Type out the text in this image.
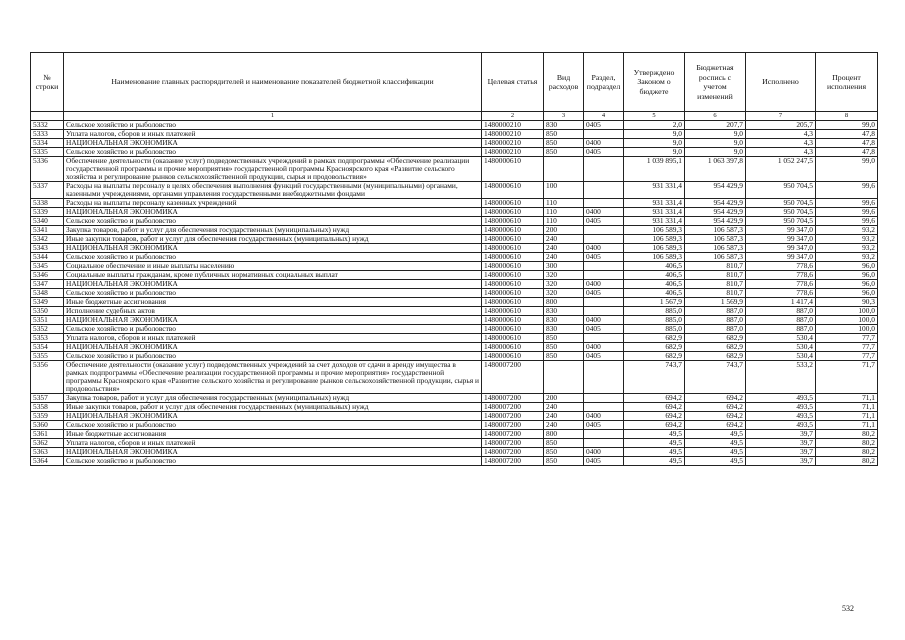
№ строки	Наименование главных распорядителей и наименование показателей бюджетной классификации	Целевая статья	Вид расходов	Раздел, подраздел	Утверждено Законом о бюджете	Бюджетная роспись с учетом изменений	Исполнено	Процент исполнения
	1	2	3	4	5	6	7	8
5332	Сельское хозяйство и рыболовство	1480000210	830	0405	2,0	207,7	205,7	99,0
5333	Уплата налогов, сборов и иных платежей	1480000210	850		9,0	9,0	4,3	47,8
5334	НАЦИОНАЛЬНАЯ ЭКОНОМИКА	1480000210	850	0400	9,0	9,0	4,3	47,8
5335	Сельское хозяйство и рыболовство	1480000210	850	0405	9,0	9,0	4,3	47,8
5336	Обеспечение деятельности (оказание услуг) подведомственных учреждений в рамках подпрограммы «Обеспечение реализации государственной программы и прочие мероприятия» государственной программы Красноярского края «Развитие сельского хозяйства и регулирование рынков сельскохозяйственной продукции, сырья и продовольствия»	1480000610			1 039 895,1	1 063 397,8	1 052 247,5	99,0
5337	Расходы на выплаты персоналу в целях обеспечения выполнения функций государственными (муниципальными) органами, казенными учреждениями, органами управления государственными внебюджетными фондами	1480000610	100		931 331,4	954 429,9	950 704,5	99,6
5338	Расходы на выплаты персоналу казенных учреждений	1480000610	110		931 331,4	954 429,9	950 704,5	99,6
5339	НАЦИОНАЛЬНАЯ ЭКОНОМИКА	1480000610	110	0400	931 331,4	954 429,9	950 704,5	99,6
5340	Сельское хозяйство и рыболовство	1480000610	110	0405	931 331,4	954 429,9	950 704,5	99,6
5341	Закупка товаров, работ и услуг для обеспечения государственных (муниципальных) нужд	1480000610	200		106 589,3	106 587,3	99 347,0	93,2
5342	Иные закупки товаров, работ и услуг для обеспечения государственных (муниципальных) нужд	1480000610	240		106 589,3	106 587,3	99 347,0	93,2
5343	НАЦИОНАЛЬНАЯ ЭКОНОМИКА	1480000610	240	0400	106 589,3	106 587,3	99 347,0	93,2
5344	Сельское хозяйство и рыболовство	1480000610	240	0405	106 589,3	106 587,3	99 347,0	93,2
5345	Социальное обеспечение и иные выплаты населению	1480000610	300		406,5	810,7	778,6	96,0
5346	Социальные выплаты гражданам, кроме публичных нормативных социальных выплат	1480000610	320		406,5	810,7	778,6	96,0
5347	НАЦИОНАЛЬНАЯ ЭКОНОМИКА	1480000610	320	0400	406,5	810,7	778,6	96,0
5348	Сельское хозяйство и рыболовство	1480000610	320	0405	406,5	810,7	778,6	96,0
5349	Иные бюджетные ассигнования	1480000610	800		1 567,9	1 569,9	1 417,4	90,3
5350	Исполнение судебных актов	1480000610	830		885,0	887,0	887,0	100,0
5351	НАЦИОНАЛЬНАЯ ЭКОНОМИКА	1480000610	830	0400	885,0	887,0	887,0	100,0
5352	Сельское хозяйство и рыболовство	1480000610	830	0405	885,0	887,0	887,0	100,0
5353	Уплата налогов, сборов и иных платежей	1480000610	850		682,9	682,9	530,4	77,7
5354	НАЦИОНАЛЬНАЯ ЭКОНОМИКА	1480000610	850	0400	682,9	682,9	530,4	77,7
5355	Сельское хозяйство и рыболовство	1480000610	850	0405	682,9	682,9	530,4	77,7
5356	Обеспечение деятельности (оказание услуг) подведомственных учреждений за счет доходов от сдачи в аренду имущества в рамках подпрограммы «Обеспечение реализации государственной программы и прочие мероприятия» государственной программы Красноярского края «Развитие сельского хозяйства и регулирование рынков сельскохозяйственной продукции, сырья и продовольствия»	1480007200			743,7	743,7	533,2	71,7
5357	Закупка товаров, работ и услуг для обеспечения государственных (муниципальных) нужд	1480007200	200		694,2	694,2	493,5	71,1
5358	Иные закупки товаров, работ и услуг для обеспечения государственных (муниципальных) нужд	1480007200	240		694,2	694,2	493,5	71,1
5359	НАЦИОНАЛЬНАЯ ЭКОНОМИКА	1480007200	240	0400	694,2	694,2	493,5	71,1
5360	Сельское хозяйство и рыболовство	1480007200	240	0405	694,2	694,2	493,5	71,1
5361	Иные бюджетные ассигнования	1480007200	800		49,5	49,5	39,7	80,2
5362	Уплата налогов, сборов и иных платежей	1480007200	850		49,5	49,5	39,7	80,2
5363	НАЦИОНАЛЬНАЯ ЭКОНОМИКА	1480007200	850	0400	49,5	49,5	39,7	80,2
5364	Сельское хозяйство и рыболовство	1480007200	850	0405	49,5	49,5	39,7	80,2
532
